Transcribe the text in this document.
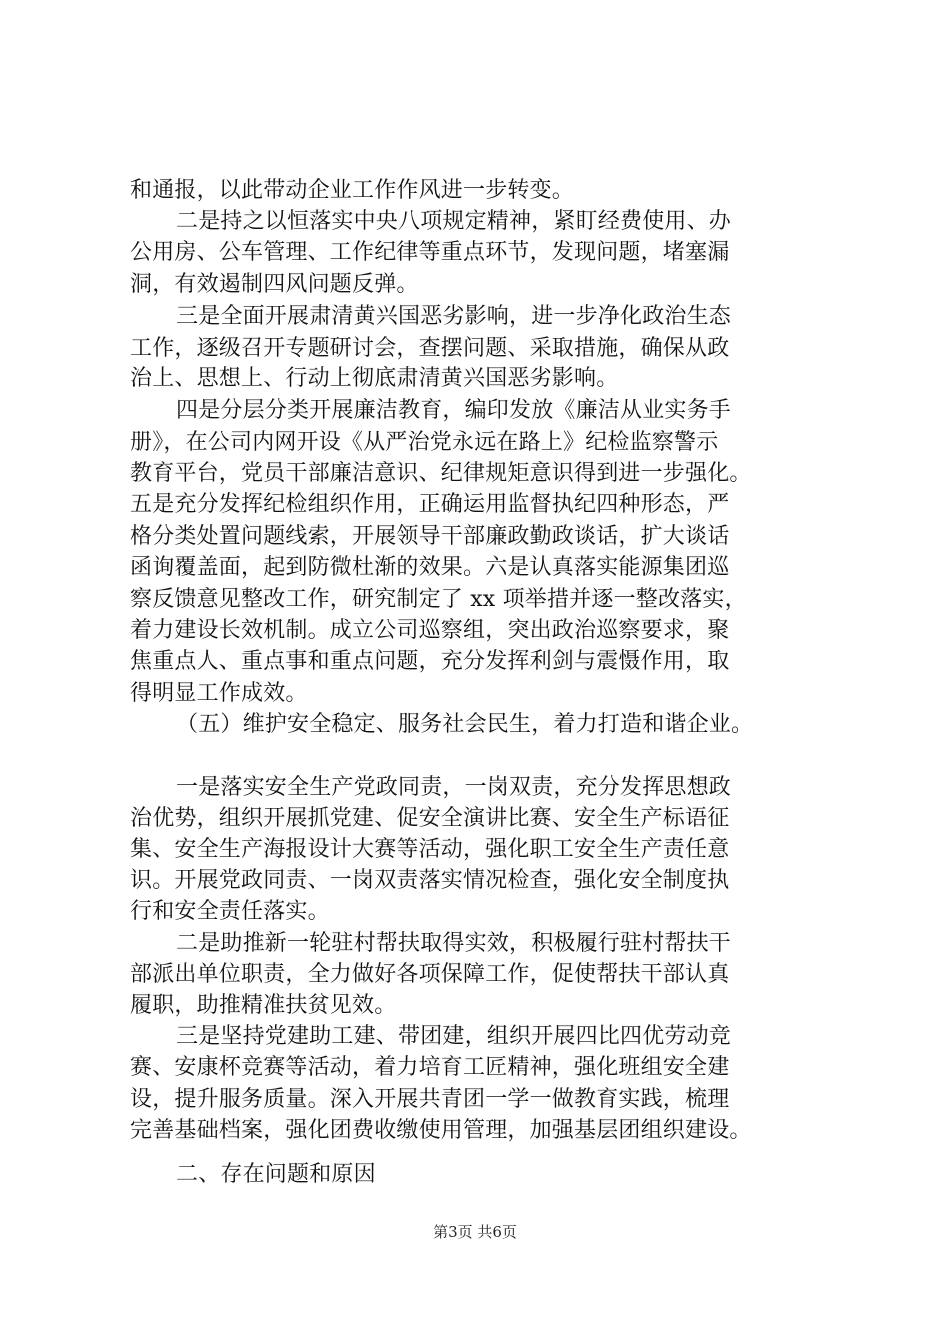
和通报，以此带动企业工作作风进一步转变。
二是持之以恒落实中央八项规定精神，紧盯经费使用、办
公用房、公车管理、工作纪律等重点环节，发现问题，堵塞漏
洞，有效遏制四风问题反弹。
三是全面开展肃清黄兴国恶劣影响，进一步净化政治生态
工作，逐级召开专题研讨会，查摆问题、采取措施，确保从政
治上、思想上、行动上彻底肃清黄兴国恶劣影响。
四是分层分类开展廉洁教育，编印发放《廉洁从业实务手
册》，在公司内网开设《从严治党永远在路上》纪检监察警示
教育平台，党员干部廉洁意识、纪律规矩意识得到进一步强化。
五是充分发挥纪检组织作用，正确运用监督执纪四种形态，严
格分类处置问题线索，开展领导干部廉政勤政谈话，扩大谈话
函询覆盖面，起到防微杜渐的效果。六是认真落实能源集团巡
察反馈意见整改工作，研究制定了 xx 项举措并逐一整改落实，
着力建设长效机制。成立公司巡察组，突出政治巡察要求，聚
焦重点人、重点事和重点问题，充分发挥利剑与震慑作用，取
得明显工作成效。
（五）维护安全稳定、服务社会民生，着力打造和谐企业。
一是落实安全生产党政同责，一岗双责，充分发挥思想政
治优势，组织开展抓党建、促安全演讲比赛、安全生产标语征
集、安全生产海报设计大赛等活动，强化职工安全生产责任意
识。开展党政同责、一岗双责落实情况检查，强化安全制度执
行和安全责任落实。
二是助推新一轮驻村帮扶取得实效，积极履行驻村帮扶干
部派出单位职责，全力做好各项保障工作，促使帮扶干部认真
履职，助推精准扶贫见效。
三是坚持党建助工建、带团建，组织开展四比四优劳动竞
赛、安康杯竞赛等活动，着力培育工匠精神，强化班组安全建
设，提升服务质量。深入开展共青团一学一做教育实践，梳理
完善基础档案，强化团费收缴使用管理，加强基层团组织建设。
二、存在问题和原因
第3页 共6页
